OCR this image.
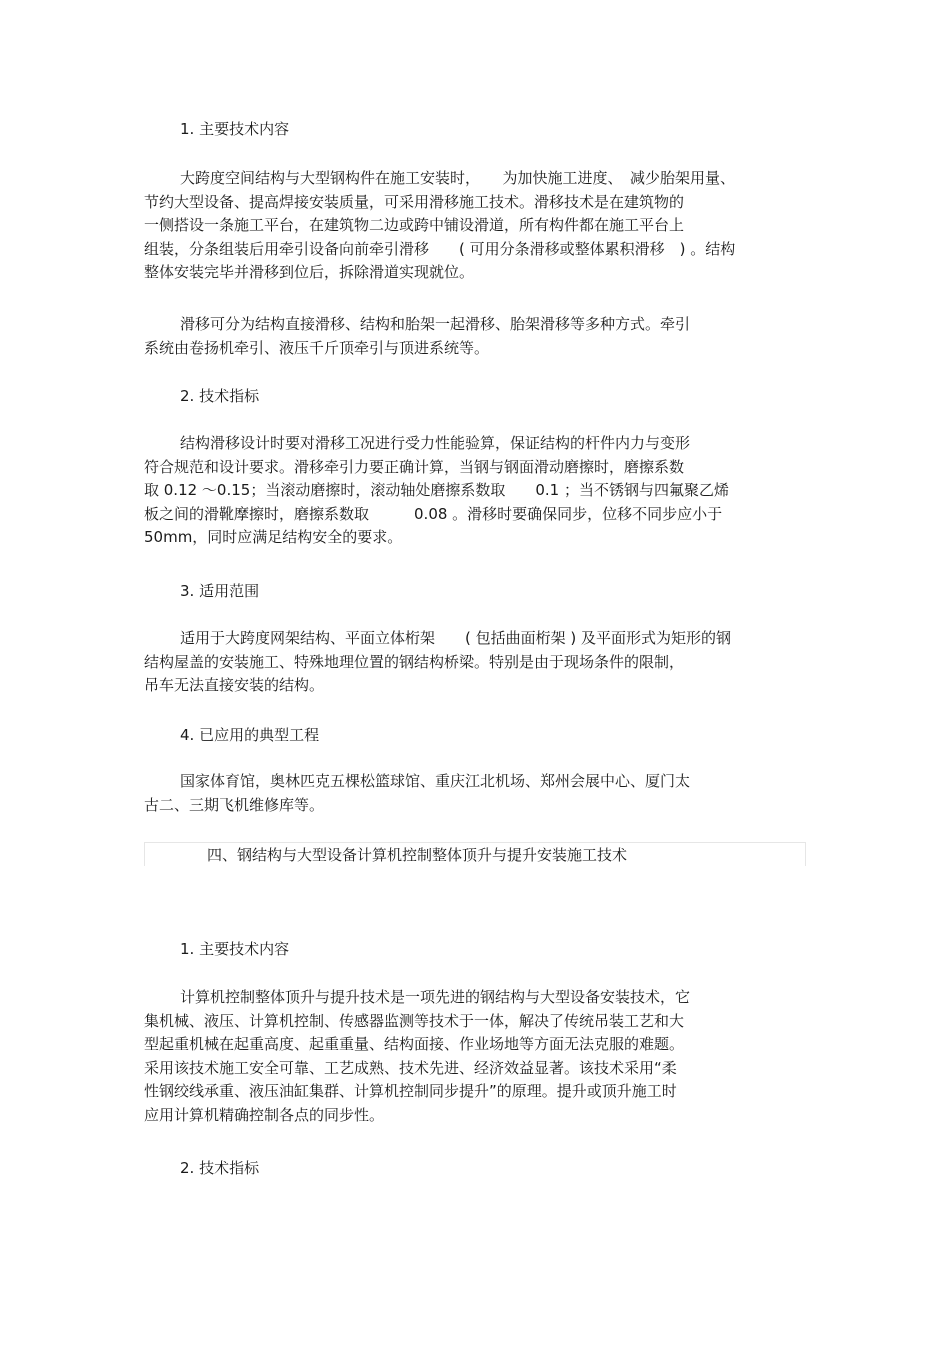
1. 主要技术内容
大跨度空间结构与大型钢构件在施工安装时，　　为加快施工进度、　减少胎架用量、
节约大型设备、提高焊接安装质量，可采用滑移施工技术。滑移技术是在建筑物的
一侧搭设一条施工平台，在建筑物二边或跨中铺设滑道，所有构件都在施工平台上
组装，分条组装后用牵引设备向前牵引滑移　　( 可用分条滑移或整体累积滑移　) 。结构
整体安装完毕并滑移到位后，拆除滑道实现就位。
滑移可分为结构直接滑移、结构和胎架一起滑移、胎架滑移等多种方式。牵引
系统由卷扬机牵引、液压千斤顶牵引与顶进系统等。
2. 技术指标
结构滑移设计时要对滑移工况进行受力性能验算，保证结构的杆件内力与变形
符合规范和设计要求。滑移牵引力要正确计算，当钢与钢面滑动磨擦时，磨擦系数
取 0.12 ～0.15；当滚动磨擦时，滚动轴处磨擦系数取　　0.1 ；当不锈钢与四氟聚乙烯
板之间的滑靴摩擦时，磨擦系数取　　　0.08 。滑移时要确保同步，位移不同步应小于
50mm，同时应满足结构安全的要求。
3. 适用范围
适用于大跨度网架结构、平面立体桁架　　( 包括曲面桁架 ) 及平面形式为矩形的钢
结构屋盖的安装施工、特殊地理位置的钢结构桥梁。特别是由于现场条件的限制，
吊车无法直接安装的结构。
4. 已应用的典型工程
国家体育馆，奥林匹克五棵松篮球馆、重庆江北机场、郑州会展中心、厦门太
古二、三期飞机维修库等。
四、钢结构与大型设备计算机控制整体顶升与提升安装施工技术
1. 主要技术内容
计算机控制整体顶升与提升技术是一项先进的钢结构与大型设备安装技术，它
集机械、液压、计算机控制、传感器监测等技术于一体，解决了传统吊装工艺和大
型起重机械在起重高度、起重重量、结构面接、作业场地等方面无法克服的难题。
采用该技术施工安全可靠、工艺成熟、技术先进、经济效益显著。该技术采用“柔
性钢绞线承重、液压油缸集群、计算机控制同步提升”的原理。提升或顶升施工时
应用计算机精确控制各点的同步性。
2. 技术指标
